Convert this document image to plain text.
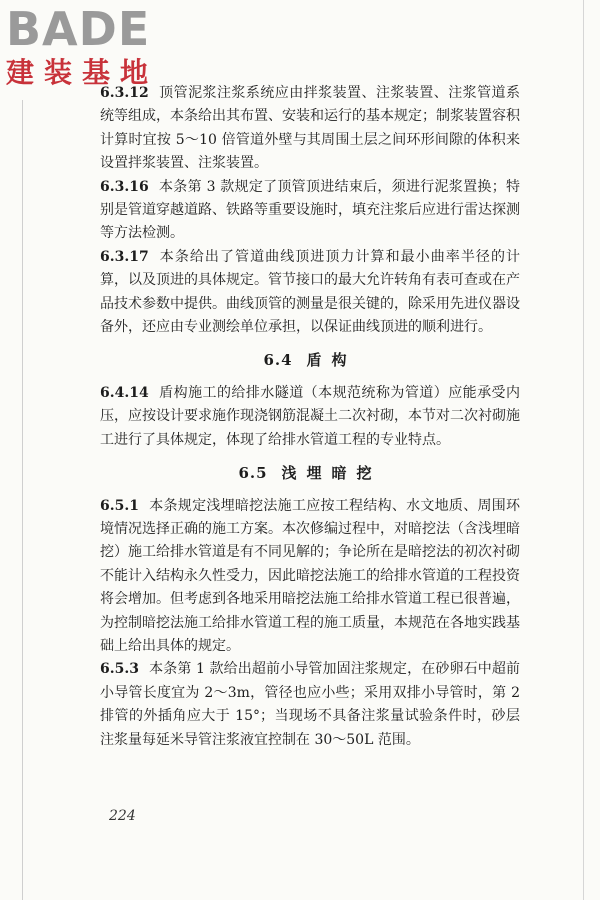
6.3.12 顶管泥浆注浆系统应由拌浆装置、注浆装置、注浆管道系统等组成，本条给出其布置、安装和运行的基本规定；制浆装置容积计算时宜按 5～10 倍管道外壁与其周围土层之间环形间隙的体积来设置拌浆装置、注浆装置。

6.3.16 本条第 3 款规定了顶管顶进结束后，须进行泥浆置换；特别是管道穿越道路、铁路等重要设施时，填充注浆后应进行雷达探测等方法检测。

6.3.17 本条给出了管道曲线顶进顶力计算和最小曲率半径的计算，以及顶进的具体规定。管节接口的最大允许转角有表可查或在产品技术参数中提供。曲线顶管的测量是很关键的，除采用先进仪器设备外，还应由专业测绘单位承担，以保证曲线顶进的顺利进行。

6.4 盾构

6.4.14 盾构施工的给排水隧道（本规范统称为管道）应能承受内压，应按设计要求施作现浇钢筋混凝土二次衬砌，本节对二次衬砌施工进行了具体规定，体现了给排水管道工程的专业特点。

6.5 浅埋暗挖

6.5.1 本条规定浅埋暗挖法施工应按工程结构、水文地质、周围环境情况选择正确的施工方案。本次修编过程中，对暗挖法（含浅埋暗挖）施工给排水管道是有不同见解的；争论所在是暗挖法的初次衬砌不能计入结构永久性受力，因此暗挖法施工的给排水管道的工程投资将会增加。但考虑到各地采用暗挖法施工给排水管道工程已很普遍，为控制暗挖法施工给排水管道工程的施工质量，本规范在各地实践基础上给出具体的规定。

6.5.3 本条第 1 款给出超前小导管加固注浆规定，在砂卵石中超前小导管长度宜为 2～3m，管径也应小些；采用双排小导管时，第 2 排管的外插角应大于 15°；当现场不具备注浆量试验条件时，砂层注浆量每延米导管注浆液宜控制在 30～50L 范围。

BADE
建装基地
224
